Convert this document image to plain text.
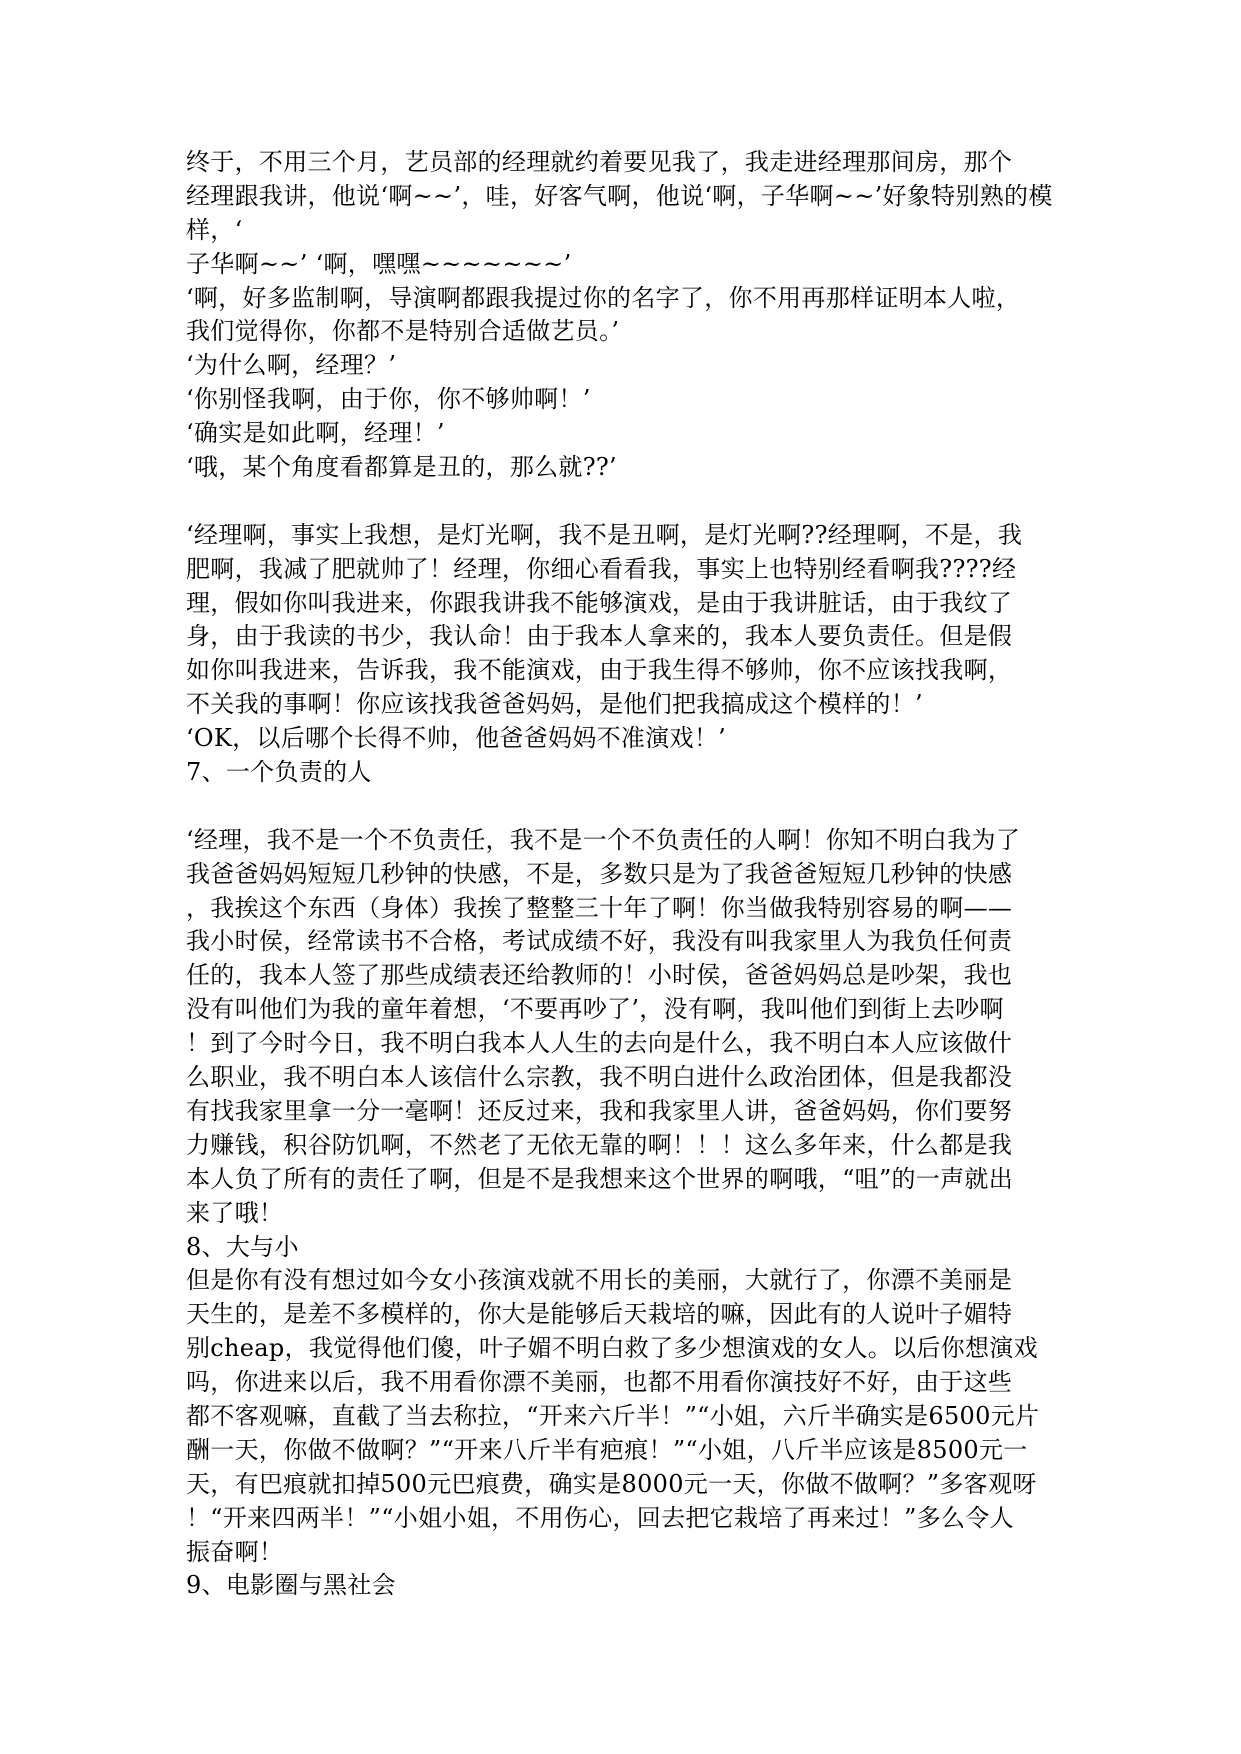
终于，不用三个月，艺员部的经理就约着要见我了，我走进经理那间房，那个
经理跟我讲，他说‘啊~~’，哇，好客气啊，他说‘啊，子华啊~~’好象特别熟的模
样，‘
子华啊~~’ ‘啊，嘿嘿~~~~~~~’
‘啊，好多监制啊，导演啊都跟我提过你的名字了，你不用再那样证明本人啦，
我们觉得你，你都不是特别合适做艺员。’
‘为什么啊，经理？’
‘你别怪我啊，由于你，你不够帅啊！’
‘确实是如此啊，经理！’
‘哦，某个角度看都算是丑的，那么就??’
‘经理啊，事实上我想，是灯光啊，我不是丑啊，是灯光啊??经理啊，不是，我
肥啊，我减了肥就帅了！经理，你细心看看我，事实上也特别经看啊我????经
理，假如你叫我进来，你跟我讲我不能够演戏，是由于我讲脏话，由于我纹了
身，由于我读的书少，我认命！由于我本人拿来的，我本人要负责任。但是假
如你叫我进来，告诉我，我不能演戏，由于我生得不够帅，你不应该找我啊，
不关我的事啊！你应该找我爸爸妈妈，是他们把我搞成这个模样的！’
‘OK，以后哪个长得不帅，他爸爸妈妈不准演戏！’
7、一个负责的人
‘经理，我不是一个不负责任，我不是一个不负责任的人啊！你知不明白我为了
我爸爸妈妈短短几秒钟的快感，不是，多数只是为了我爸爸短短几秒钟的快感
，我挨这个东西（身体）我挨了整整三十年了啊！你当做我特别容易的啊——
我小时侯，经常读书不合格，考试成绩不好，我没有叫我家里人为我负任何责
任的，我本人签了那些成绩表还给教师的！小时侯，爸爸妈妈总是吵架，我也
没有叫他们为我的童年着想，‘不要再吵了’，没有啊，我叫他们到街上去吵啊
！到了今时今日，我不明白我本人人生的去向是什么，我不明白本人应该做什
么职业，我不明白本人该信什么宗教，我不明白进什么政治团体，但是我都没
有找我家里拿一分一毫啊！还反过来，我和我家里人讲，爸爸妈妈，你们要努
力赚钱，积谷防饥啊，不然老了无依无靠的啊！！！这么多年来，什么都是我
本人负了所有的责任了啊，但是不是我想来这个世界的啊哦，“咀”的一声就出
来了哦！
8、大与小
但是你有没有想过如今女小孩演戏就不用长的美丽，大就行了，你漂不美丽是
天生的，是差不多模样的，你大是能够后天栽培的嘛，因此有的人说叶子媚特
别cheap，我觉得他们傻，叶子媚不明白救了多少想演戏的女人。以后你想演戏
吗，你进来以后，我不用看你漂不美丽，也都不用看你演技好不好，由于这些
都不客观嘛，直截了当去称拉，“开来六斤半！”“小姐，六斤半确实是6500元片
酬一天，你做不做啊？”“开来八斤半有疤痕！”“小姐，八斤半应该是8500元一
天，有巴痕就扣掉500元巴痕费，确实是8000元一天，你做不做啊？”多客观呀
！“开来四两半！”“小姐小姐，不用伤心，回去把它栽培了再来过！”多么令人
振奋啊！
9、电影圈与黑社会
